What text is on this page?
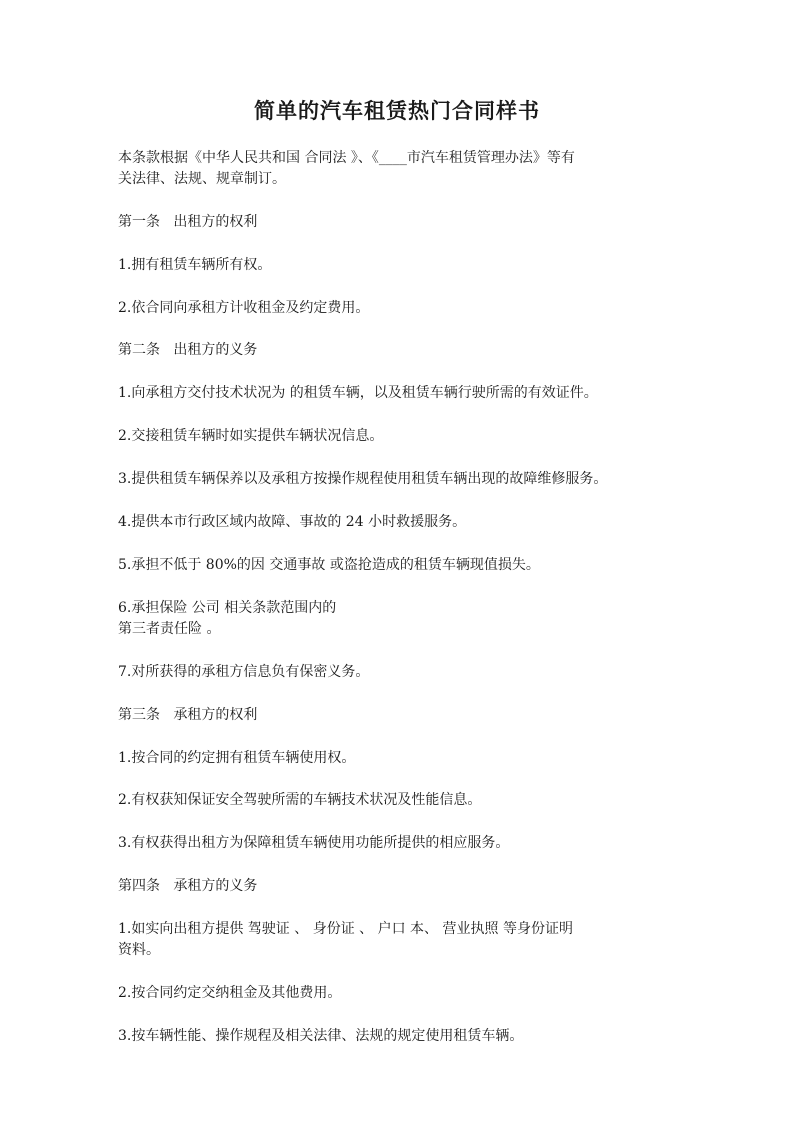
简单的汽车租赁热门合同样书
本条款根据《中华人民共和国 合同法 》、《____市汽车租赁管理办法》等有
关法律、法规、规章制订。
第一条   出租方的权利
1.拥有租赁车辆所有权。
2.依合同向承租方计收租金及约定费用。
第二条   出租方的义务
1.向承租方交付技术状况为 的租赁车辆，以及租赁车辆行驶所需的有效证件。
2.交接租赁车辆时如实提供车辆状况信息。
3.提供租赁车辆保养以及承租方按操作规程使用租赁车辆出现的故障维修服务。
4.提供本市行政区域内故障、事故的 24 小时救援服务。
5.承担不低于 80%的因 交通事故 或盗抢造成的租赁车辆现值损失。
6.承担保险 公司 相关条款范围内的
第三者责任险 。
7.对所获得的承租方信息负有保密义务。
第三条   承租方的权利
1.按合同的约定拥有租赁车辆使用权。
2.有权获知保证安全驾驶所需的车辆技术状况及性能信息。
3.有权获得出租方为保障租赁车辆使用功能所提供的相应服务。
第四条   承租方的义务
1.如实向出租方提供 驾驶证 、 身份证 、 户口 本、 营业执照 等身份证明
资料。
2.按合同约定交纳租金及其他费用。
3.按车辆性能、操作规程及相关法律、法规的规定使用租赁车辆。
